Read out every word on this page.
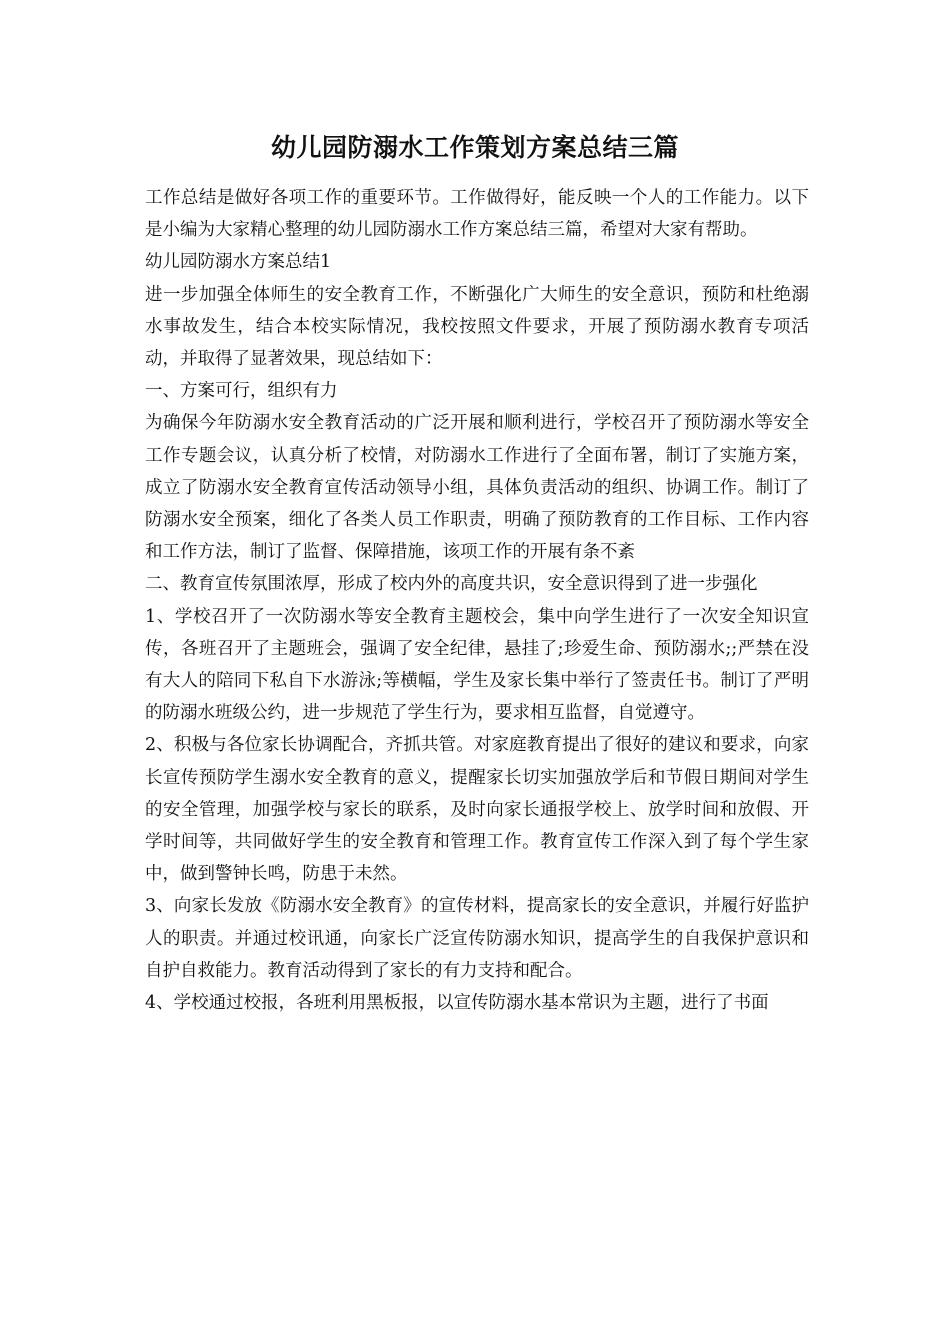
幼儿园防溺水工作策划方案总结三篇

工作总结是做好各项工作的重要环节。工作做得好，能反映一个人的工作能力。以下是小编为大家精心整理的幼儿园防溺水工作方案总结三篇，希望对大家有帮助。

幼儿园防溺水方案总结1

进一步加强全体师生的安全教育工作，不断强化广大师生的安全意识，预防和杜绝溺水事故发生，结合本校实际情况，我校按照文件要求，开展了预防溺水教育专项活动，并取得了显著效果，现总结如下：

一、方案可行，组织有力

为确保今年防溺水安全教育活动的广泛开展和顺利进行，学校召开了预防溺水等安全工作专题会议，认真分析了校情，对防溺水工作进行了全面布署，制订了实施方案，成立了防溺水安全教育宣传活动领导小组，具体负责活动的组织、协调工作。制订了防溺水安全预案，细化了各类人员工作职责，明确了预防教育的工作目标、工作内容和工作方法，制订了监督、保障措施，该项工作的开展有条不紊

二、教育宣传氛围浓厚，形成了校内外的高度共识，安全意识得到了进一步强化

1、学校召开了一次防溺水等安全教育主题校会，集中向学生进行了一次安全知识宣传，各班召开了主题班会，强调了安全纪律，悬挂了;珍爱生命、预防溺水;;严禁在没有大人的陪同下私自下水游泳;等横幅，学生及家长集中举行了签责任书。制订了严明的防溺水班级公约，进一步规范了学生行为，要求相互监督，自觉遵守。

2、积极与各位家长协调配合，齐抓共管。对家庭教育提出了很好的建议和要求，向家长宣传预防学生溺水安全教育的意义，提醒家长切实加强放学后和节假日期间对学生的安全管理，加强学校与家长的联系，及时向家长通报学校上、放学时间和放假、开学时间等，共同做好学生的安全教育和管理工作。教育宣传工作深入到了每个学生家中，做到警钟长鸣，防患于未然。

3、向家长发放《防溺水安全教育》的宣传材料，提高家长的安全意识，并履行好监护人的职责。并通过校讯通，向家长广泛宣传防溺水知识，提高学生的自我保护意识和自护自救能力。教育活动得到了家长的有力支持和配合。

4、学校通过校报，各班利用黑板报，以宣传防溺水基本常识为主题，进行了书面
